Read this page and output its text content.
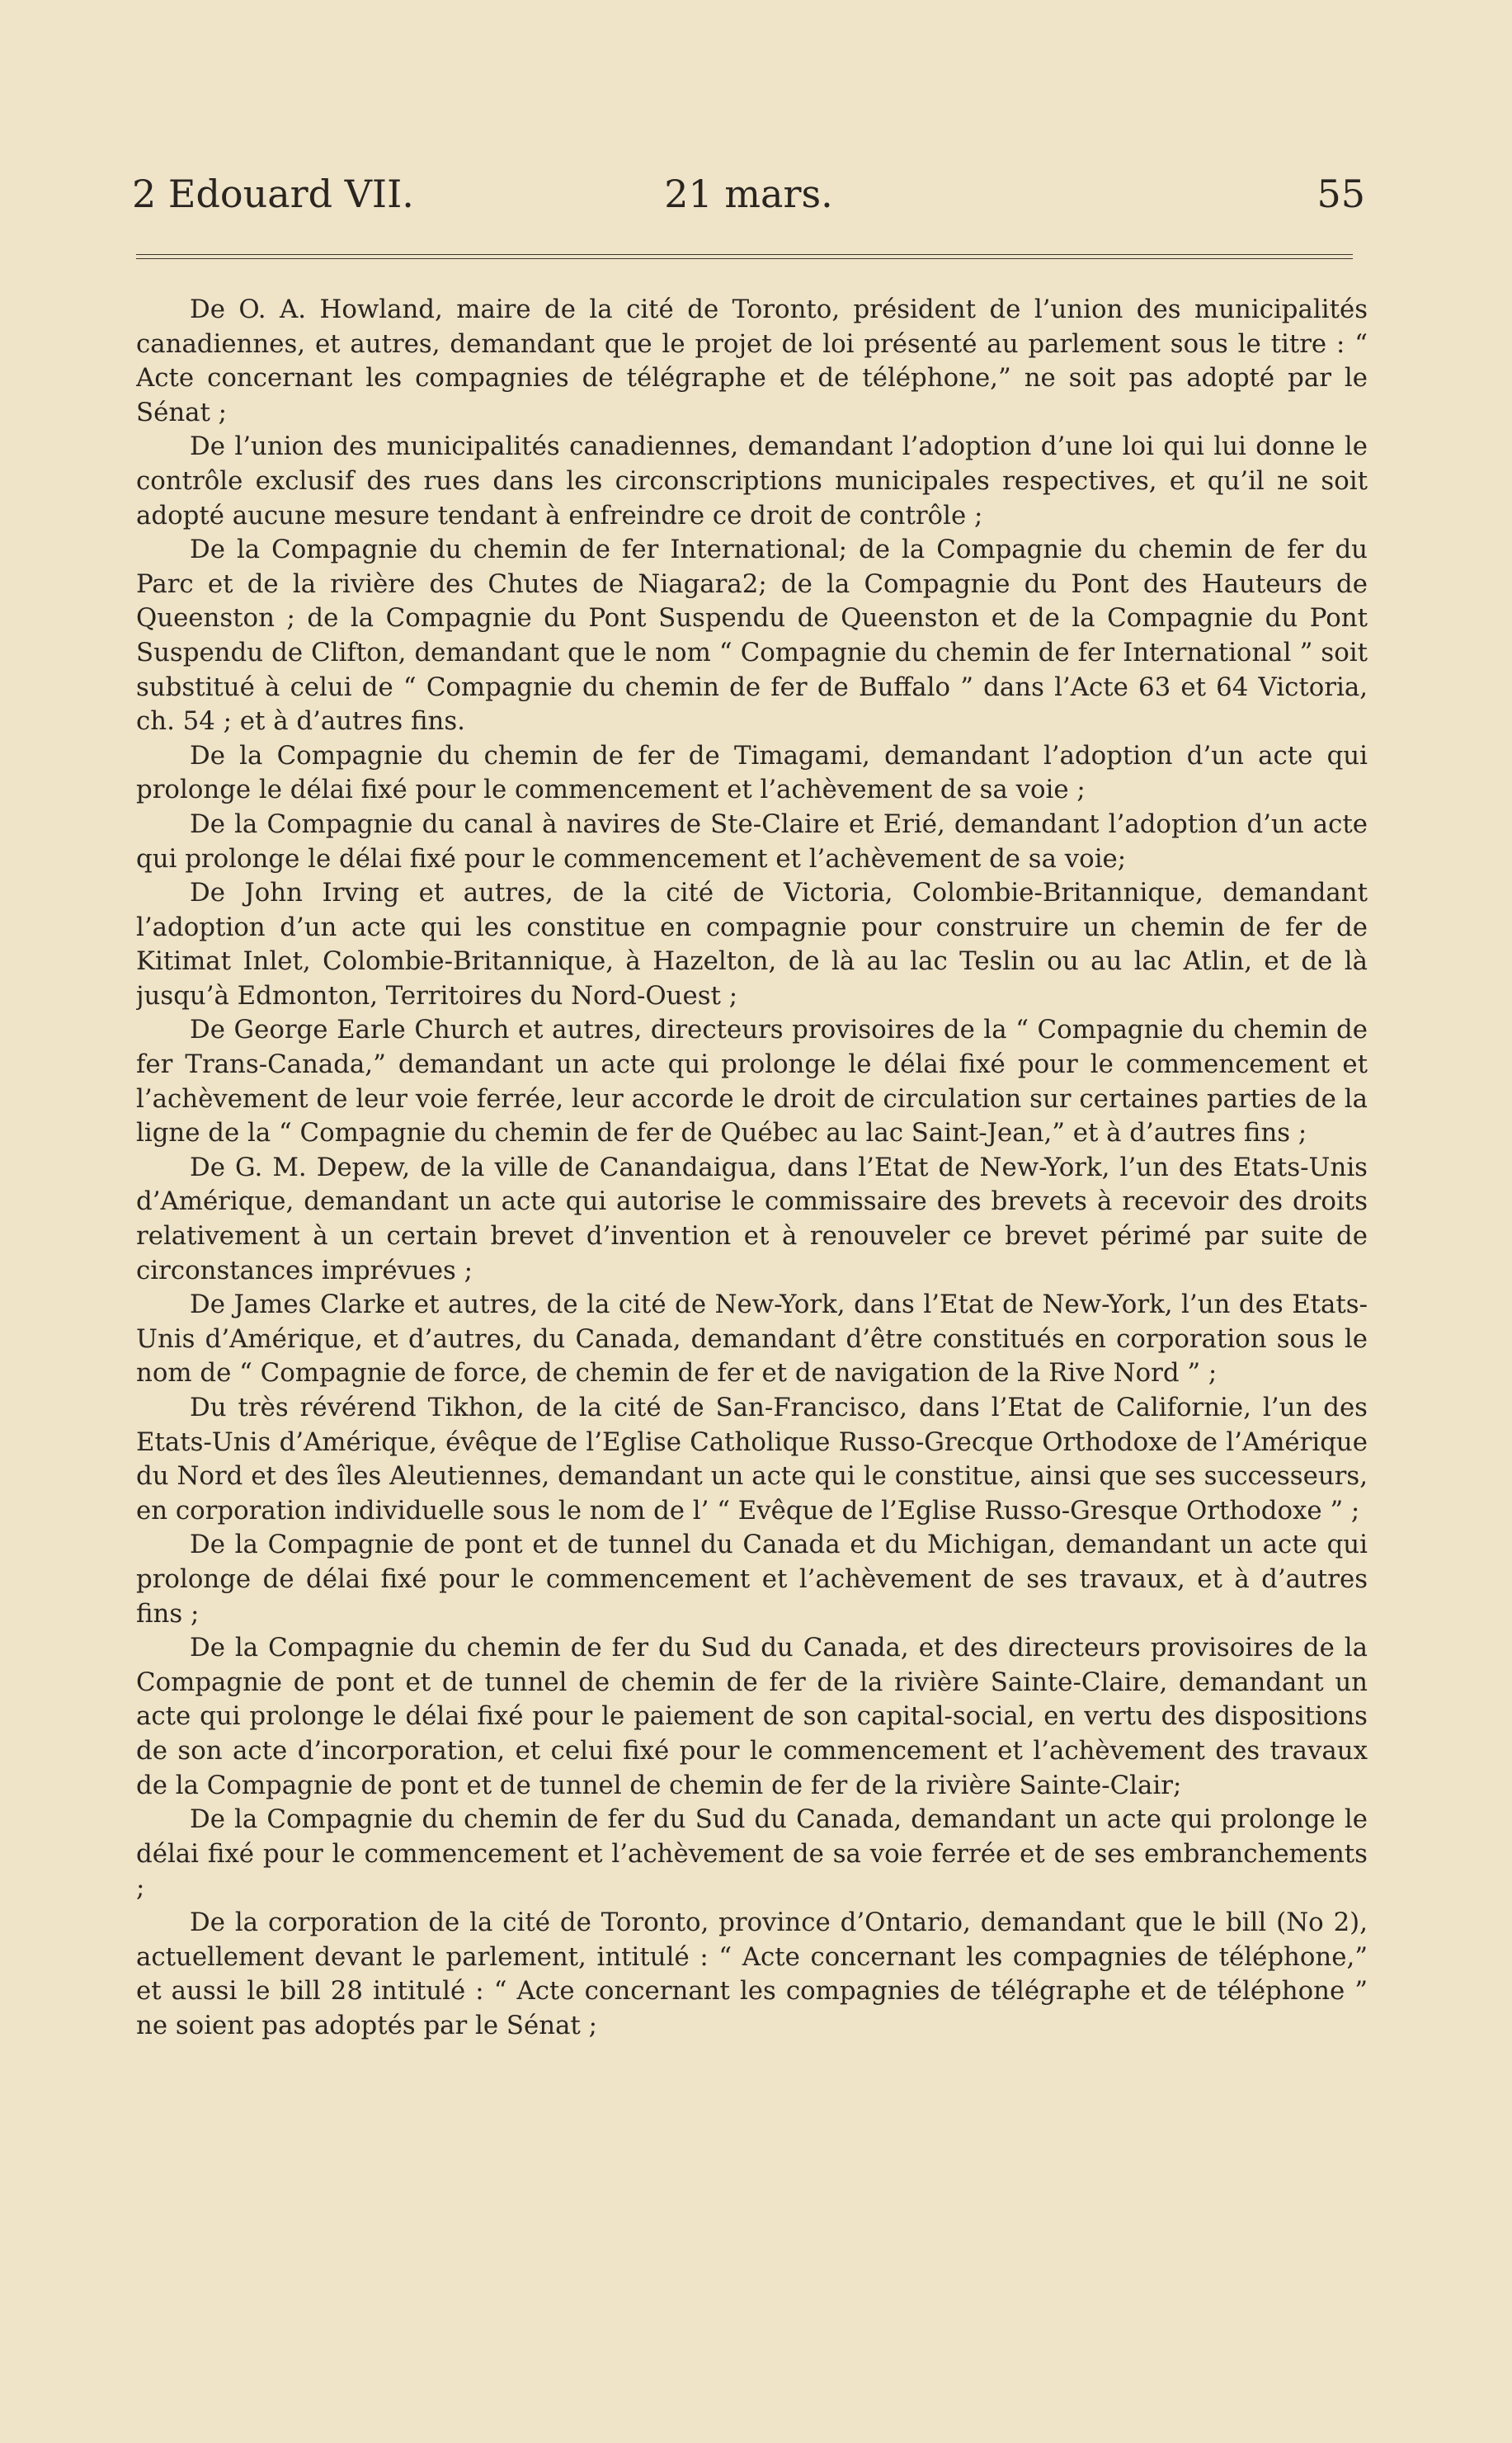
2 Edouard VII.	21 mars.	55

De O. A. Howland, maire de la cité de Toronto, président de l’union des municipalités canadiennes, et autres, demandant que le projet de loi présenté au parlement sous le titre : “ Acte concernant les compagnies de télégraphe et de téléphone,” ne soit pas adopté par le Sénat ;

De l’union des municipalités canadiennes, demandant l’adoption d’une loi qui lui donne le contrôle exclusif des rues dans les circonscriptions municipales respectives, et qu’il ne soit adopté aucune mesure tendant à enfreindre ce droit de contrôle ;

De la Compagnie du chemin de fer International; de la Compagnie du chemin de fer du Parc et de la rivière des Chutes de Niagara2; de la Compagnie du Pont des Hauteurs de Queenston ; de la Compagnie du Pont Suspendu de Queenston et de la Compagnie du Pont Suspendu de Clifton, demandant que le nom “ Compagnie du chemin de fer International ” soit substitué à celui de “ Compagnie du chemin de fer de Buffalo ” dans l’Acte 63 et 64 Victoria, ch. 54 ; et à d’autres fins.

De la Compagnie du chemin de fer de Timagami, demandant l’adoption d’un acte qui prolonge le délai fixé pour le commencement et l’achèvement de sa voie ;

De la Compagnie du canal à navires de Ste-Claire et Erié, demandant l’adoption d’un acte qui prolonge le délai fixé pour le commencement et l’achèvement de sa voie;

De John Irving et autres, de la cité de Victoria, Colombie-Britannique, demandant l’adoption d’un acte qui les constitue en compagnie pour construire un chemin de fer de Kitimat Inlet, Colombie-Britannique, à Hazelton, de là au lac Teslin ou au lac Atlin, et de là jusqu’à Edmonton, Territoires du Nord-Ouest ;

De George Earle Church et autres, directeurs provisoires de la “ Compagnie du chemin de fer Trans-Canada,” demandant un acte qui prolonge le délai fixé pour le commencement et l’achèvement de leur voie ferrée, leur accorde le droit de circulation sur certaines parties de la ligne de la “ Compagnie du chemin de fer de Québec au lac Saint-Jean,” et à d’autres fins ;

De G. M. Depew, de la ville de Canandaigua, dans l’Etat de New-York, l’un des Etats-Unis d’Amérique, demandant un acte qui autorise le commissaire des brevets à recevoir des droits relativement à un certain brevet d’invention et à renouveler ce brevet périmé par suite de circonstances imprévues ;

De James Clarke et autres, de la cité de New-York, dans l’Etat de New-York, l’un des Etats-Unis d’Amérique, et d’autres, du Canada, demandant d’être constitués en corporation sous le nom de “ Compagnie de force, de chemin de fer et de navigation de la Rive Nord ” ;

Du très révérend Tikhon, de la cité de San-Francisco, dans l’Etat de Californie, l’un des Etats-Unis d’Amérique, évêque de l’Eglise Catholique Russo-Grecque Orthodoxe de l’Amérique du Nord et des îles Aleutiennes, demandant un acte qui le constitue, ainsi que ses successeurs, en corporation individuelle sous le nom de l’ “ Evêque de l’Eglise Russo-Gresque Orthodoxe ” ;

De la Compagnie de pont et de tunnel du Canada et du Michigan, demandant un acte qui prolonge de délai fixé pour le commencement et l’achèvement de ses travaux, et à d’autres fins ;

De la Compagnie du chemin de fer du Sud du Canada, et des directeurs provisoires de la Compagnie de pont et de tunnel de chemin de fer de la rivière Sainte-Claire, demandant un acte qui prolonge le délai fixé pour le paiement de son capital-social, en vertu des dispositions de son acte d’incorporation, et celui fixé pour le commencement et l’achèvement des travaux de la Compagnie de pont et de tunnel de chemin de fer de la rivière Sainte-Clair;

De la Compagnie du chemin de fer du Sud du Canada, demandant un acte qui prolonge le délai fixé pour le commencement et l’achèvement de sa voie ferrée et de ses embranchements ;

De la corporation de la cité de Toronto, province d’Ontario, demandant que le bill (No 2), actuellement devant le parlement, intitulé : “ Acte concernant les compagnies de téléphone,” et aussi le bill 28 intitulé : “ Acte concernant les compagnies de télégraphe et de téléphone ” ne soient pas adoptés par le Sénat ;
